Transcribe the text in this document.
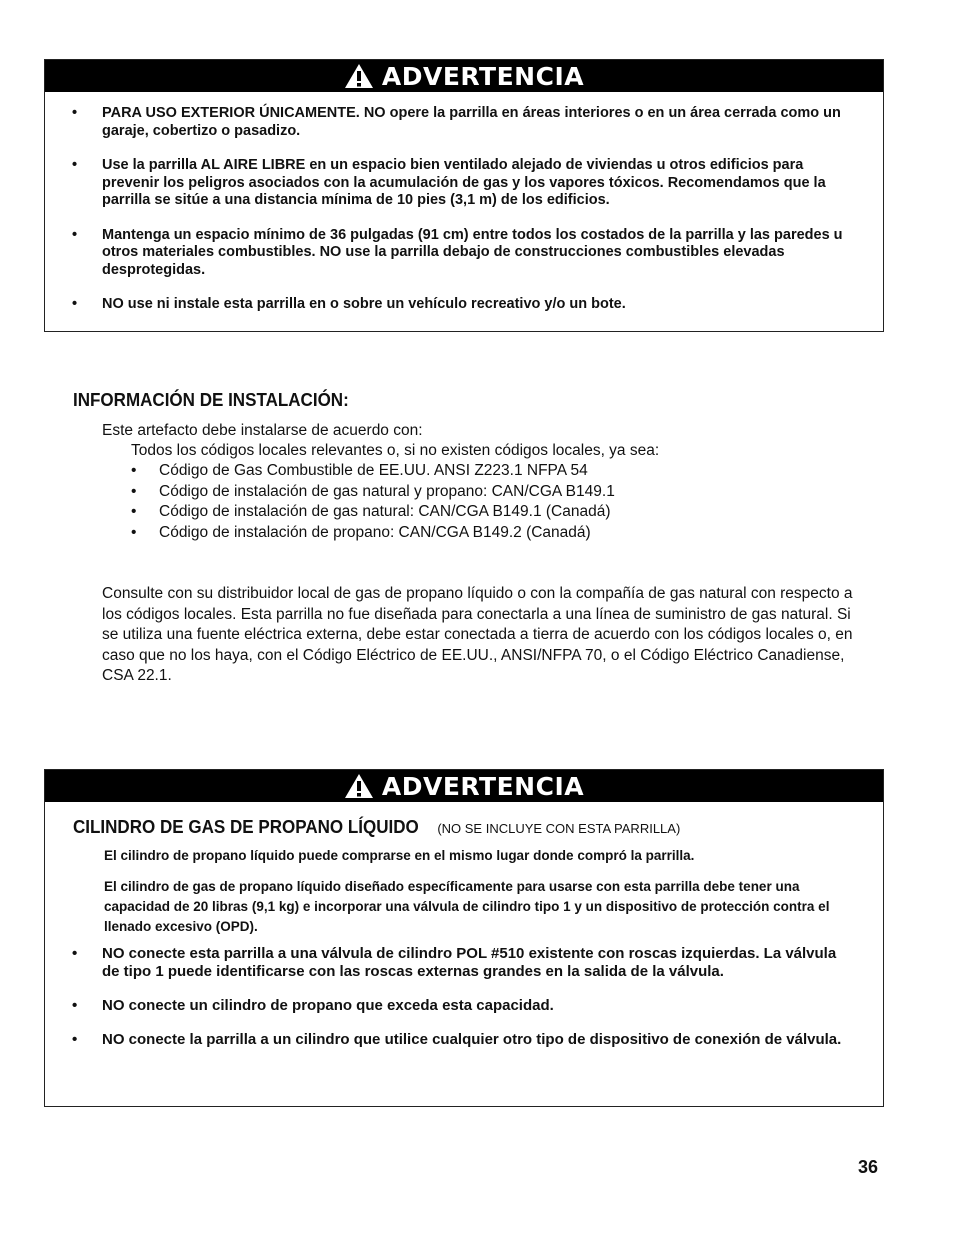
ADVERTENCIA
• PARA USO EXTERIOR ÚNICAMENTE. NO opere la parrilla en áreas interiores o en un área cerrada como un garaje, cobertizo o pasadizo.
• Use la parrilla AL AIRE LIBRE en un espacio bien ventilado alejado de viviendas u otros edificios para prevenir los peligros asociados con la acumulación de gas y los vapores tóxicos. Recomendamos que la parrilla se sitúe a una distancia mínima de 10 pies (3,1 m) de los edificios.
• Mantenga un espacio mínimo de 36 pulgadas (91 cm) entre todos los costados de la parrilla y las paredes u otros materiales combustibles. NO use la parrilla debajo de construcciones combustibles elevadas desprotegidas.
• NO use ni instale esta parrilla en o sobre un vehículo recreativo y/o un bote.
INFORMACIÓN DE INSTALACIÓN:
Este artefacto debe instalarse de acuerdo con:
Todos los códigos locales relevantes o, si no existen códigos locales, ya sea:
• Código de Gas Combustible de EE.UU. ANSI Z223.1 NFPA 54
• Código de instalación de gas natural y propano: CAN/CGA B149.1
• Código de instalación de gas natural: CAN/CGA B149.1 (Canadá)
• Código de instalación de propano: CAN/CGA B149.2 (Canadá)

Consulte con su distribuidor local de gas de propano líquido o con la compañía de gas natural con respecto a los códigos locales. Esta parrilla no fue diseñada para conectarla a una línea de suministro de gas natural. Si se utiliza una fuente eléctrica externa, debe estar conectada a tierra de acuerdo con los códigos locales o, en caso que no los haya, con el Código Eléctrico de EE.UU., ANSI/NFPA 70, o el Código Eléctrico Canadiense, CSA 22.1.

ADVERTENCIA
CILINDRO DE GAS DE PROPANO LÍQUIDO (NO SE INCLUYE CON ESTA PARRILLA)

El cilindro de propano líquido puede comprarse en el mismo lugar donde compró la parrilla.

El cilindro de gas de propano líquido diseñado específicamente para usarse con esta parrilla debe tener una capacidad de 20 libras (9,1 kg) e incorporar una válvula de cilindro tipo 1 y un dispositivo de protección contra el llenado excesivo (OPD).

• NO conecte esta parrilla a una válvula de cilindro POL #510 existente con roscas izquierdas. La válvula de tipo 1 puede identificarse con las roscas externas grandes en la salida de la válvula.
• NO conecte un cilindro de propano que exceda esta capacidad.
• NO conecte la parrilla a un cilindro que utilice cualquier otro tipo de dispositivo de conexión de válvula.
36
